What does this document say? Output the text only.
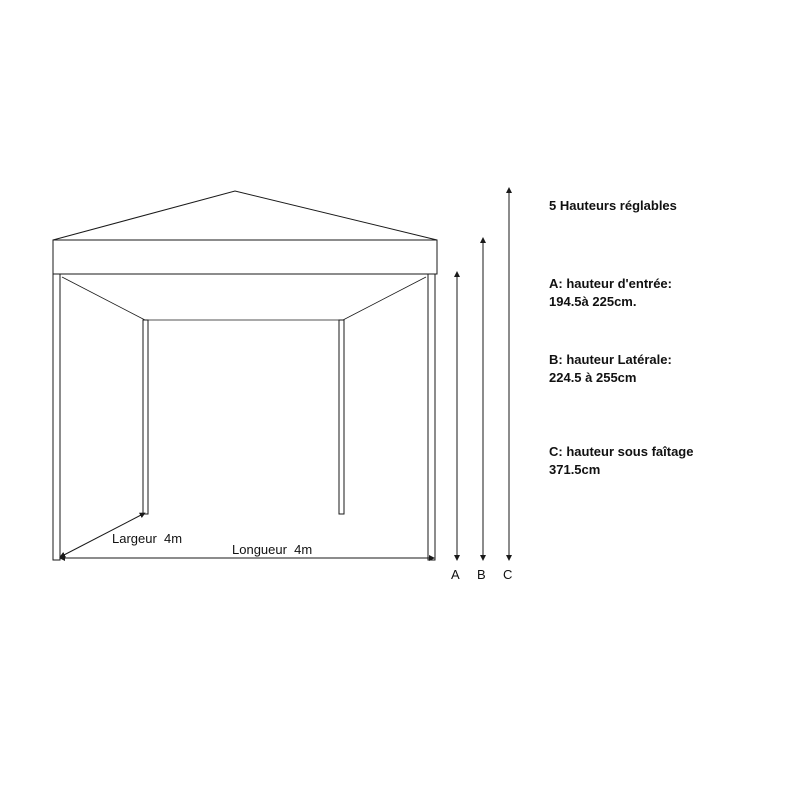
Largeur  4m
Longueur  4m
A B C
5 Hauteurs réglables
A: hauteur d'entrée:
194.5à 225cm.
B: hauteur Latérale:
224.5 à 255cm
C: hauteur sous faîtage
371.5cm
